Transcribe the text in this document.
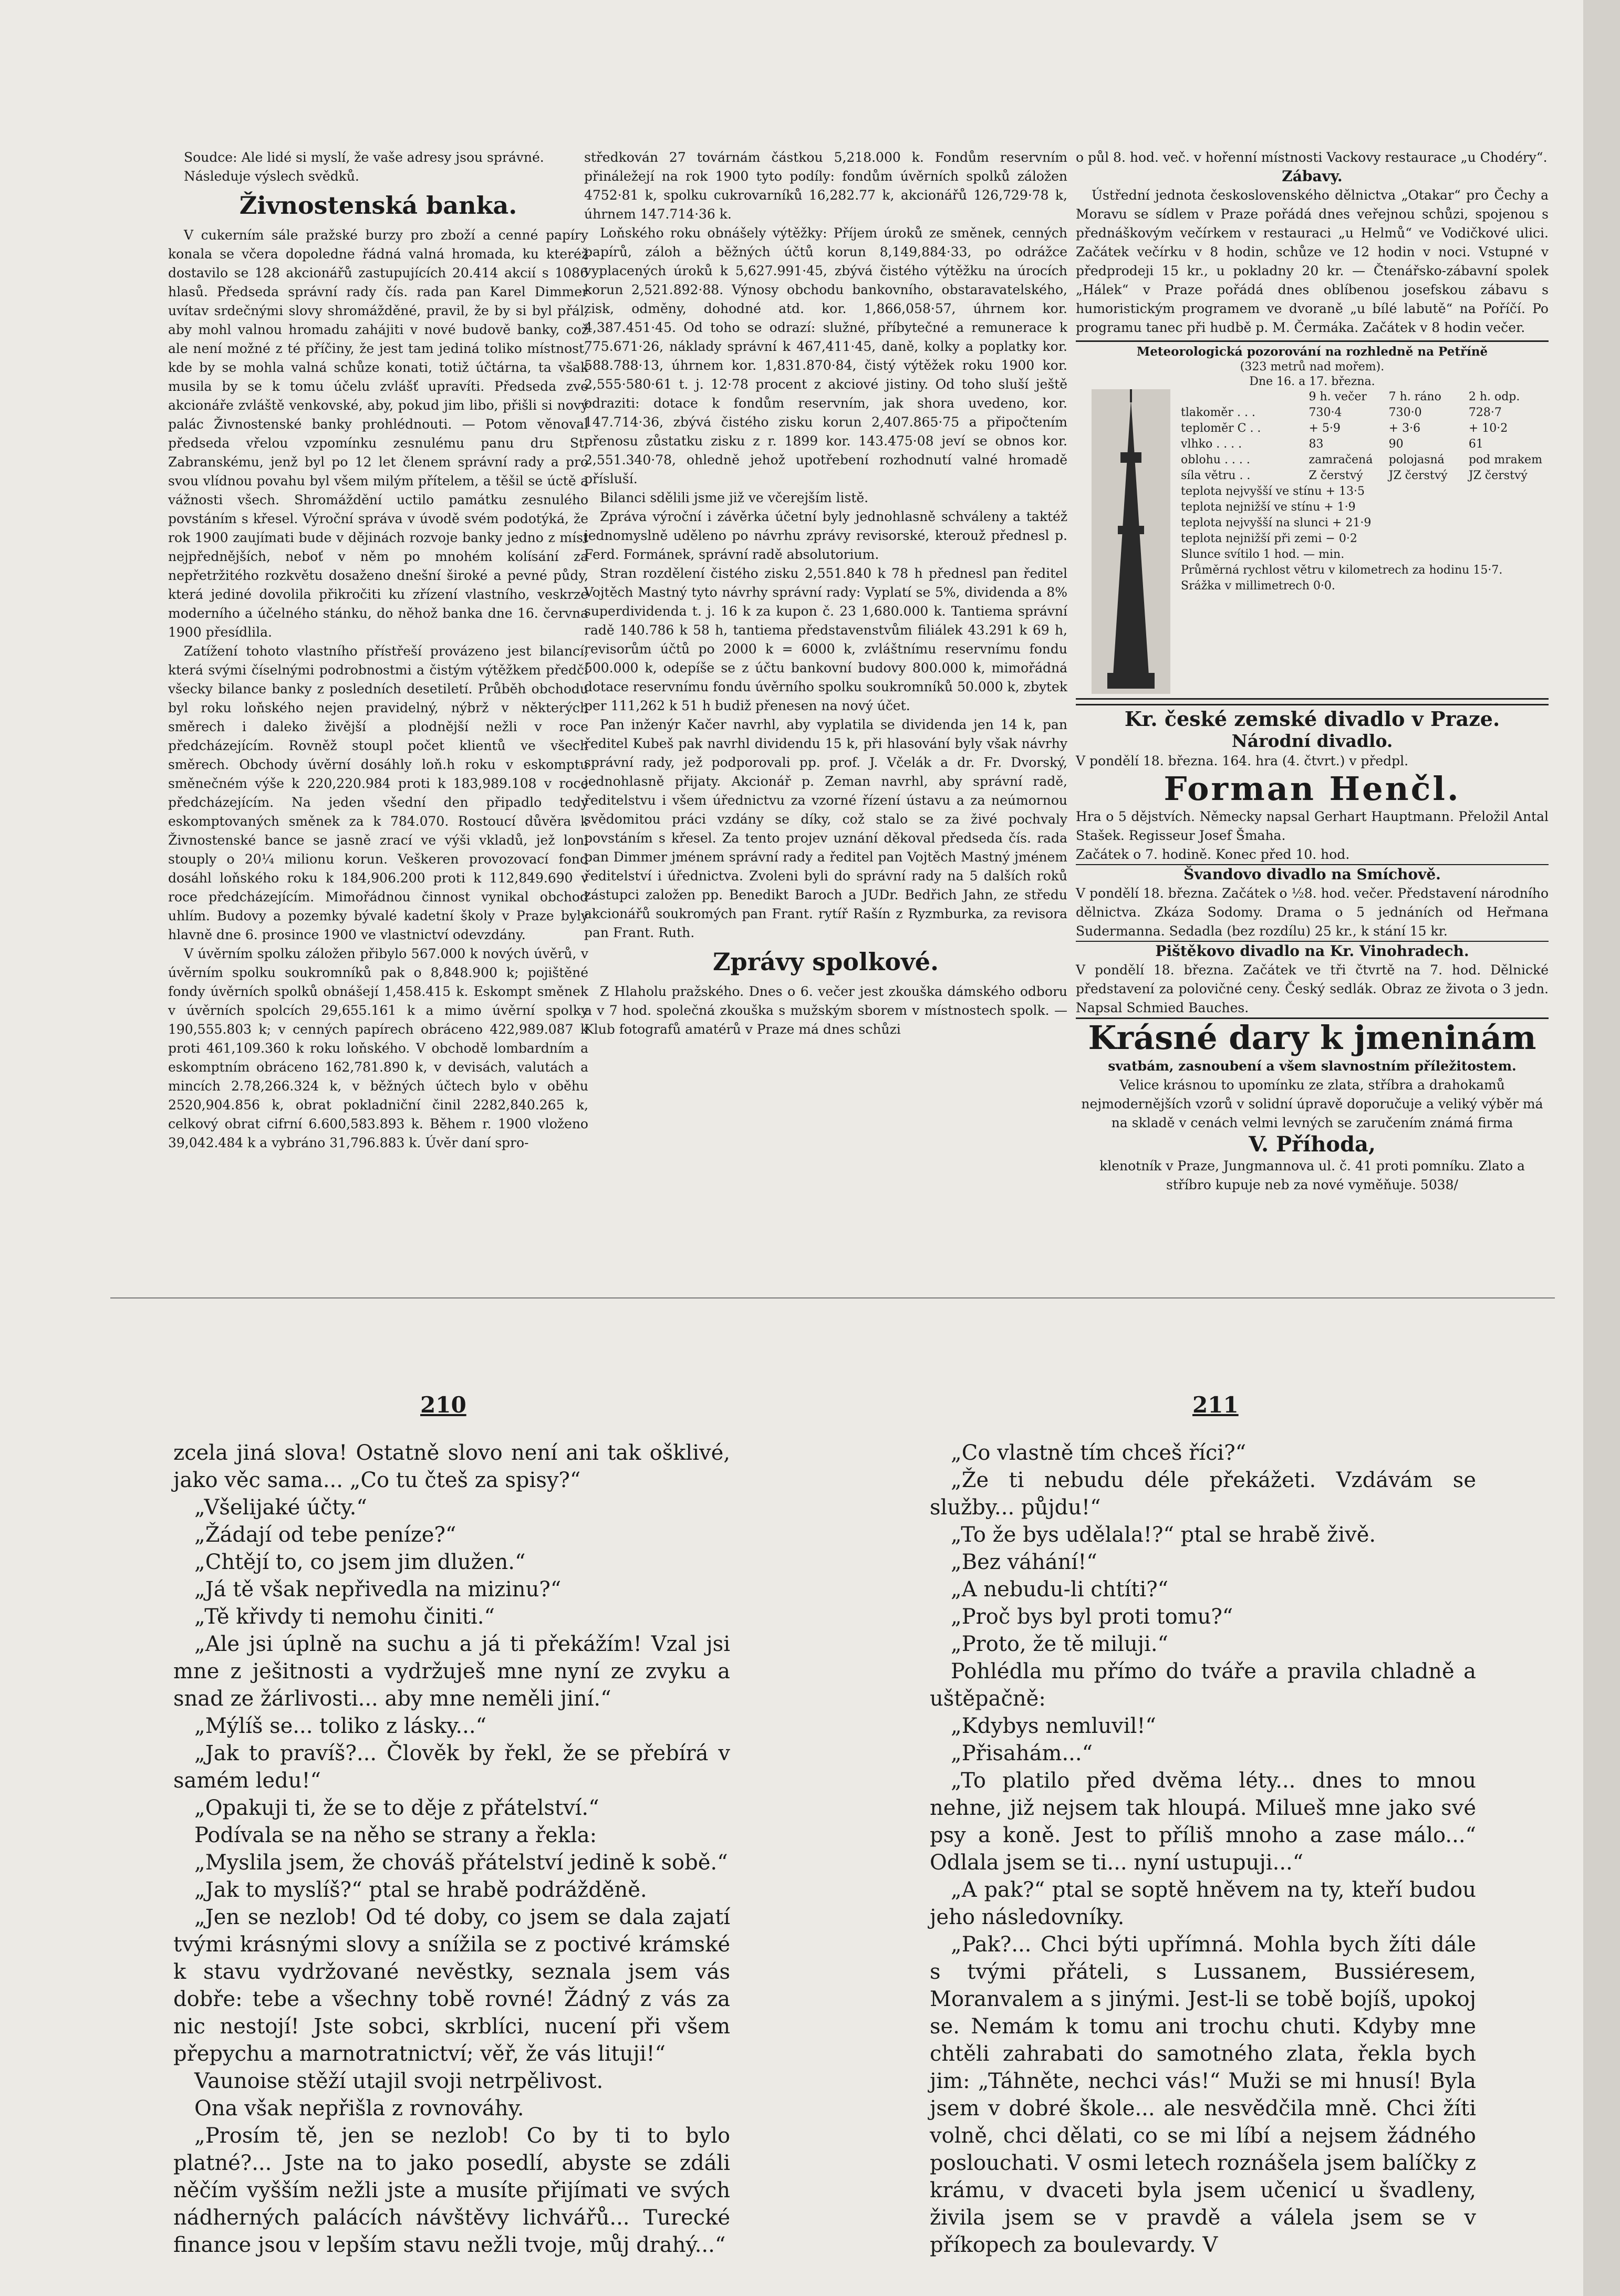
Soudce: Ale lidé si myslí, že vaše adresy jsou správné.

Následuje výslech svědků.

Živnostenská banka.

V cukerním sále pražské burzy pro zboží a cenné papíry konala se včera dopoledne řádná valná hromada, ku kteréž dostavilo se 128 akcionářů zastupujících 20.414 akcií s 1086 hlasů. Předseda správní rady čís. rada pan Karel Dimmer uvítav srdečnými slovy shromážděné, pravil, že by si byl přál, aby mohl valnou hromadu zahájiti v nové budově banky, což ale není možné z té příčiny, že jest tam jediná toliko místnost, kde by se mohla valná schůze konati, totiž účtárna, ta však musila by se k tomu účelu zvlášť upravíti. Předseda zve akcionáře zvláště venkovské, aby, pokud jim libo, přišli si nový palác Živnostenské banky prohlédnouti. — Potom věnoval předseda vřelou vzpomínku zesnulému panu dru St. Zabranskému, jenž byl po 12 let členem správní rady a pro svou vlídnou povahu byl všem milým přítelem, a těšil se úctě a vážnosti všech. Shromáždění uctilo památku zesnulého povstáním s křesel. Výroční správa v úvodě svém podotýká, že rok 1900 zaujímati bude v dějinách rozvoje banky jedno z míst nejpřednějších, neboť v něm po mnohém kolísání za nepřetržitého rozkvětu dosaženo dnešní široké a pevné půdy, která jediné dovolila přikročiti ku zřízení vlastního, veskrze moderního a účelného stánku, do něhož banka dne 16. června 1900 přesídlila.

Zatížení tohoto vlastního přístřeší provázeno jest bilancí, která svými číselnými podrobnostmi a čistým výtěžkem předčí všecky bilance banky z posledních desetiletí. Průběh obchodu byl roku loňského nejen pravidelný, nýbrž v některých směrech i daleko živější a plodnější nežli v roce předcházejícím. Rovněž stoupl počet klientů ve všech směrech. Obchody úvěrní dosáhly loň.h roku v eskomptu směnečném výše k 220,220.984 proti k 183,989.108 v roce předcházejícím. Na jeden všední den připadlo tedy eskomptovaných směnek za k 784.070. Rostoucí důvěra k Živnostenské bance se jasně zrací ve výši vkladů, jež loni stouply o 20¼ milionu korun. Veškeren provozovací fond dosáhl loňského roku k 184,906.200 proti k 112,849.690 v roce předcházejícím. Mimořádnou činnost vynikal obchod uhlím. Budovy a pozemky bývalé kadetní školy v Praze byly hlavně dne 6. prosince 1900 ve vlastnictví odevzdány.

V úvěrním spolku záložen přibylo 567.000 k nových úvěrů, v úvěrním spolku soukromníků pak o 8,848.900 k; pojištěné fondy úvěrních spolků obnášejí 1,458.415 k. Eskompt směnek v úvěrních spolcích 29,655.161 k a mimo úvěrní spolky 190,555.803 k; v cenných papírech obráceno 422,989.087 k proti 461,109.360 k roku loňského. V obchodě lombardním a eskomptním obráceno 162,781.890 k, v devisách, valutách a mincích 2.78,266.324 k, v běžných účtech bylo v oběhu 2520,904.856 k, obrat pokladniční činil 2282,840.265 k, celkový obrat cifrní 6.600,583.893 k. Během r. 1900 vloženo 39,042.484 k a vybráno 31,796.883 k. Úvěr daní spro-

středkován 27 továrnám částkou 5,218.000 k. Fondům reservním přináležejí na rok 1900 tyto podíly: fondům úvěrních spolků záložen 4752·81 k, spolku cukrovarníků 16,282.77 k, akcionářů 126,729·78 k, úhrnem 147.714·36 k.

Loňského roku obnášely výtěžky: Příjem úroků ze směnek, cenných papírů, záloh a běžných účtů korun 8,149,884·33, po odrážce vyplacených úroků k 5,627.991·45, zbývá čistého výtěžku na úrocích korun 2,521.892·88. Výnosy obchodu bankovního, obstaravatelského, zisk, odměny, dohodné atd. kor. 1,866,058·57, úhrnem kor. 4,387.451·45. Od toho se odrazí: služné, příbytečné a remunerace k 775.671·26, náklady správní k 467,411·45, daně, kolky a poplatky kor. 588.788·13, úhrnem kor. 1,831.870·84, čistý výtěžek roku 1900 kor. 2,555·580·61 t. j. 12·78 procent z akciové jistiny. Od toho sluší ještě odraziti: dotace k fondům reservním, jak shora uvedeno, kor. 147.714·36, zbývá čistého zisku korun 2,407.865·75 a připočtením přenosu zůstatku zisku z r. 1899 kor. 143.475·08 jeví se obnos kor. 2,551.340·78, ohledně jehož upotřebení rozhodnutí valné hromadě přísluší.

Bilanci sdělili jsme již ve včerejším listě.

Zpráva výroční i závěrka účetní byly jednohlasně schváleny a taktéž jednomyslně uděleno po návrhu zprávy revisorské, kterouž přednesl p. Ferd. Formánek, správní radě absolutorium.

Stran rozdělení čistého zisku 2,551.840 k 78 h přednesl pan ředitel Vojtěch Mastný tyto návrhy správní rady: Vyplatí se 5%, dividenda a 8% superdividenda t. j. 16 k za kupon č. 23 1,680.000 k. Tantiema správní radě 140.786 k 58 h, tantiema představenstvům filiálek 43.291 k 69 h, revisorům účtů po 2000 k = 6000 k, zvláštnímu reservnímu fondu 500.000 k, odepíše se z účtu bankovní budovy 800.000 k, mimořádná dotace reservnímu fondu úvěrního spolku soukromníků 50.000 k, zbytek per 111,262 k 51 h budiž přenesen na nový účet.

Pan inženýr Kačer navrhl, aby vyplatila se dividenda jen 14 k, pan ředitel Kubeš pak navrhl dividendu 15 k, při hlasování byly však návrhy správní rady, jež podporovali pp. prof. J. Včelák a dr. Fr. Dvorský, jednohlasně přijaty. Akcionář p. Zeman navrhl, aby správní radě, ředitelstvu i všem úřednictvu za vzorné řízení ústavu a za neúmornou svědomitou práci vzdány se díky, což stalo se za živé pochvaly povstáním s křesel. Za tento projev uznání děkoval předseda čís. rada pan Dimmer jménem správní rady a ředitel pan Vojtěch Mastný jménem ředitelství i úřednictva. Zvoleni byli do správní rady na 5 dalších roků zástupci založen pp. Benedikt Baroch a JUDr. Bedřich Jahn, ze středu akcionářů soukromých pan Frant. rytíř Rašín z Ryzmburka, za revisora pan Frant. Ruth.

Zprávy spolkové.

Z Hlaholu pražského. Dnes o 6. večer jest zkouška dámského odboru a v 7 hod. společná zkouška s mužským sborem v místnostech spolk. — Klub fotografů amatérů v Praze má dnes schůzi

o půl 8. hod. več. v hořenní místnosti Vackovy restaurace „u Chodéry“.

Zábavy.

Ústřední jednota československého dělnictva „Otakar“ pro Čechy a Moravu se sídlem v Praze pořádá dnes veřejnou schůzi, spojenou s přednáškovým večírkem v restauraci „u Helmů“ ve Vodičkové ulici. Začátek večírku v 8 hodin, schůze ve 12 hodin v noci. Vstupné v předprodeji 15 kr., u pokladny 20 kr. — Čtenářsko-zábavní spolek „Hálek“ v Praze pořádá dnes oblíbenou josefskou zábavu s humoristickým programem ve dvoraně „u bílé labutě“ na Poříčí. Po programu tanec při hudbě p. M. Čermáka. Začátek v 8 hodin večer.

Meteorologická pozorování na rozhledně na Petříně
(323 metrů nad mořem).
Dne 16. a 17. března.
9 h. večer	7 h. ráno	2 h. odp.
tlakoměr . . .	730·4	730·0	728·7
teploměr C . .	+ 5·9	+ 3·6	+ 10·2
vlhko . . . .	83	90	61
oblohu . . . .	zamračená	polojasná	pod mrakem
síla větru . .	Z čerstvý	JZ čerstvý	JZ čerstvý
teplota nejvyšší ve stínu + 13·5
teplota nejnižší ve stínu + 1·9
teplota nejvyšší na slunci + 21·9
teplota nejnižší při zemi − 0·2
Slunce svítilo 1 hod. — min.
Průměrná rychlost větru v kilometrech za hodinu 15·7.
Srážka v millimetrech 0·0.
Kr. české zemské divadlo v Praze.
Národní divadlo.
V pondělí 18. března. 164. hra (4. čtvrt.) v předpl.
Forman Henčl.
Hra o 5 dějstvích. Německy napsal Gerhart Hauptmann. Přeložil Antal Stašek. Regisseur Josef Šmaha.
Začátek o 7. hodině. Konec před 10. hod.
Švandovo divadlo na Smíchově.
V pondělí 18. března. Začátek o ½8. hod. večer. Představení národního dělnictva. Zkáza Sodomy. Drama o 5 jednáních od Heřmana Sudermanna. Sedadla (bez rozdílu) 25 kr., k stání 15 kr.
Pištěkovo divadlo na Kr. Vinohradech.
V pondělí 18. března. Začátek ve tři čtvrtě na 7. hod. Dělnické představení za polovičné ceny. Český sedlák. Obraz ze života o 3 jedn. Napsal Schmied Bauches.
Krásné dary k jmeninám
svatbám, zasnoubení a všem slavnostním příležitostem.
Velice krásnou to upomínku ze zlata, stříbra a drahokamů nejmodernějších vzorů v solidní úpravě doporučuje a veliký výběr má na skladě v cenách velmi levných se zaručením známá firma
V. Příhoda,
klenotník v Praze, Jungmannova ul. č. 41 proti pomníku. Zlato a stříbro kupuje neb za nové vyměňuje. 5038/
210	211

zcela jiná slova! Ostatně slovo není ani tak ošklivé, jako věc sama... „Co tu čteš za spisy?“

„Všelijaké účty.“

„Žádají od tebe peníze?“

„Chtějí to, co jsem jim dlužen.“

„Já tě však nepřivedla na mizinu?“

„Tě křivdy ti nemohu činiti.“

„Ale jsi úplně na suchu a já ti překážím! Vzal jsi mne z ješitnosti a vydržuješ mne nyní ze zvyku a snad ze žárlivosti... aby mne neměli jiní.“

„Mýlíš se... toliko z lásky...“

„Jak to pravíš?... Člověk by řekl, že se přebírá v samém ledu!“

„Opakuji ti, že se to děje z přátelství.“

Podívala se na něho se strany a řekla:

„Myslila jsem, že chováš přátelství jedině k sobě.“

„Jak to myslíš?“ ptal se hrabě podrážděně.

„Jen se nezlob! Od té doby, co jsem se dala zajatí tvými krásnými slovy a snížila se z poctivé krámské k stavu vydržované nevěstky, seznala jsem vás dobře: tebe a všechny tobě rovné! Žádný z vás za nic nestojí! Jste sobci, skrblíci, nucení při všem přepychu a marnotratnictví; věř, že vás lituji!“

Vaunoise stěží utajil svoji netrpělivost.

Ona však nepřišla z rovnováhy.

„Prosím tě, jen se nezlob! Co by ti to bylo platné?... Jste na to jako posedlí, abyste se zdáli něčím vyšším nežli jste a musíte přijímati ve svých nádherných palácích návštěvy lichvářů... Turecké finance jsou v lepším stavu nežli tvoje, můj drahý...“

„Co vlastně tím chceš říci?“

„Že ti nebudu déle překážeti. Vzdávám se služby... půjdu!“

„To že bys udělala!?“ ptal se hrabě živě.

„Bez váhání!“

„A nebudu-li chtíti?“

„Proč bys byl proti tomu?“

„Proto, že tě miluji.“

Pohlédla mu přímo do tváře a pravila chladně a uštěpačně:

„Kdybys nemluvil!“

„Přisahám...“

„To platilo před dvěma léty... dnes to mnou nehne, již nejsem tak hloupá. Milueš mne jako své psy a koně. Jest to příliš mnoho a zase málo...“ Odlala jsem se ti... nyní ustupuji...“

„A pak?“ ptal se soptě hněvem na ty, kteří budou jeho následovníky.

„Pak?... Chci býti upřímná. Mohla bych žíti dále s tvými přáteli, s Lussanem, Bussiéresem, Moranvalem a s jinými. Jest-li se tobě bojíš, upokoj se. Nemám k tomu ani trochu chuti. Kdyby mne chtěli zahrabati do samotného zlata, řekla bych jim: „Táhněte, nechci vás!“ Muži se mi hnusí! Byla jsem v dobré škole... ale nesvědčila mně. Chci žíti volně, chci dělati, co se mi líbí a nejsem žádného poslouchati. V osmi letech roznášela jsem balíčky z krámu, v dvaceti byla jsem učenicí u švadleny, živila jsem se v pravdě a válela jsem se v příkopech za boulevardy. V
